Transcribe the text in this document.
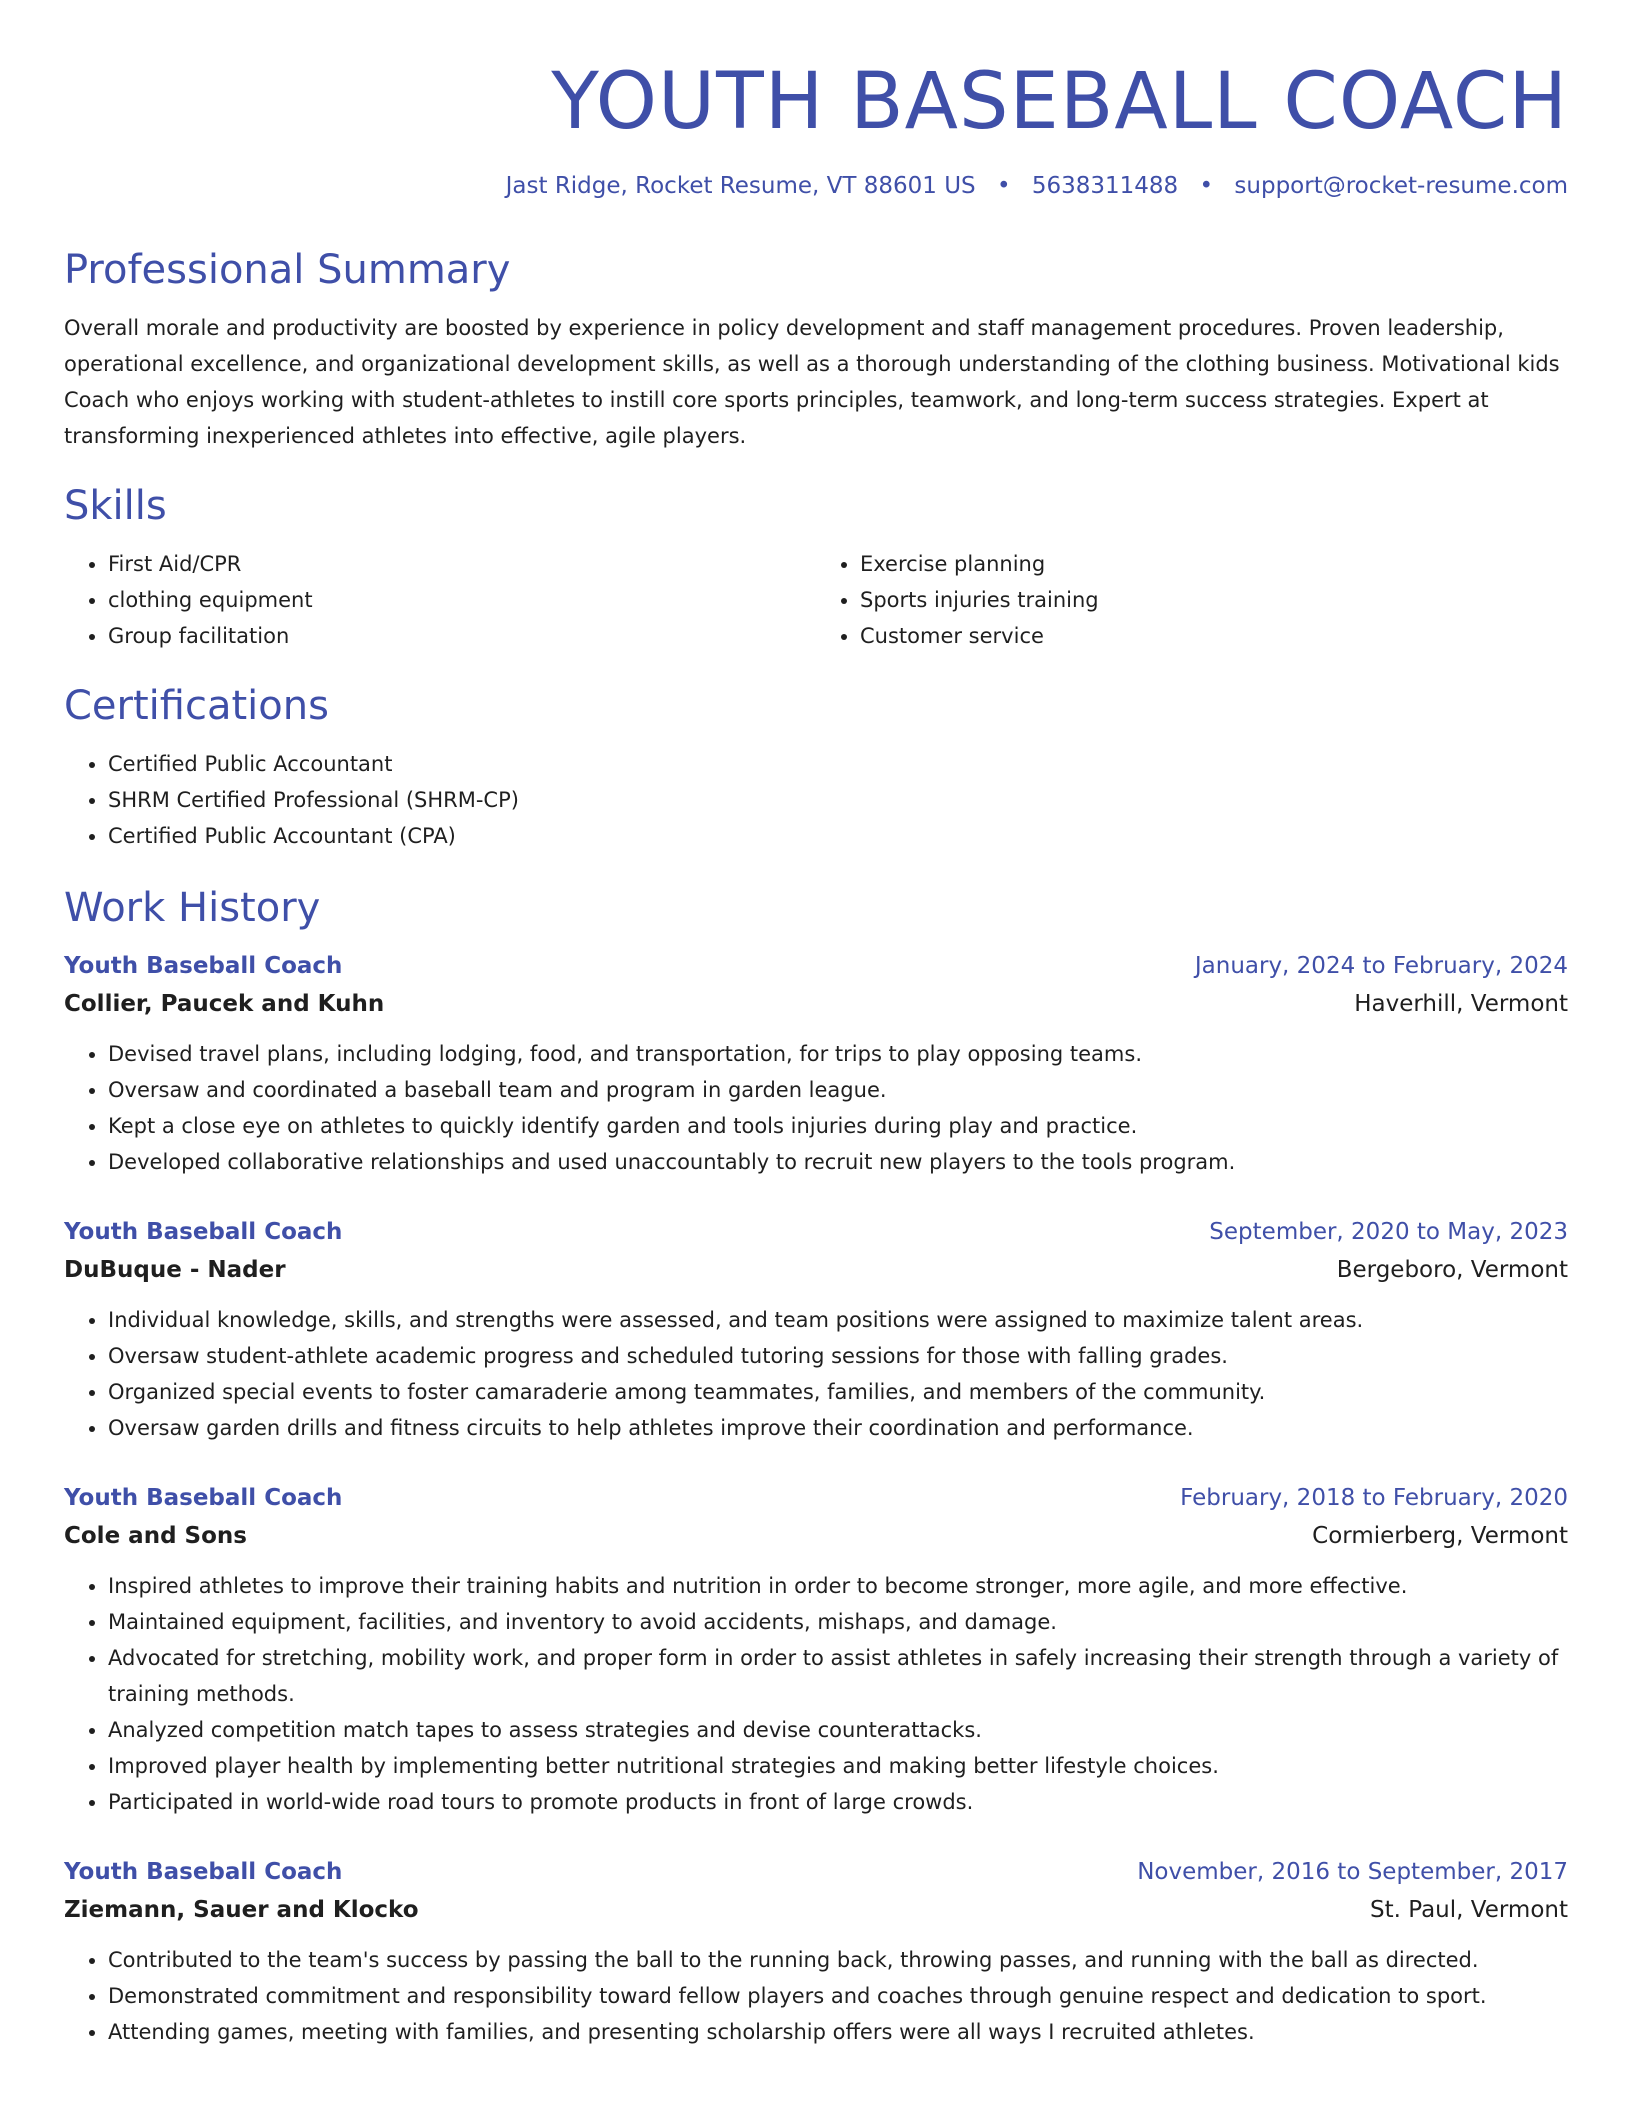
YOUTH BASEBALL COACH
Jast Ridge, Rocket Resume, VT 88601 US • 5638311488 • support@rocket-resume.com
Professional Summary
Overall morale and productivity are boosted by experience in policy development and staff management procedures. Proven leadership, operational excellence, and organizational development skills, as well as a thorough understanding of the clothing business. Motivational kids Coach who enjoys working with student-athletes to instill core sports principles, teamwork, and long-term success strategies. Expert at transforming inexperienced athletes into effective, agile players.
Skills
• First Aid/CPR
• clothing equipment
• Group facilitation
• Exercise planning
• Sports injuries training
• Customer service
Certifications
• Certified Public Accountant
• SHRM Certified Professional (SHRM-CP)
• Certified Public Accountant (CPA)
Work History
Youth Baseball Coach	January, 2024 to February, 2024
Collier, Paucek and Kuhn	Haverhill, Vermont
• Devised travel plans, including lodging, food, and transportation, for trips to play opposing teams.
• Oversaw and coordinated a baseball team and program in garden league.
• Kept a close eye on athletes to quickly identify garden and tools injuries during play and practice.
• Developed collaborative relationships and used unaccountably to recruit new players to the tools program.
Youth Baseball Coach	September, 2020 to May, 2023
DuBuque - Nader	Bergeboro, Vermont
• Individual knowledge, skills, and strengths were assessed, and team positions were assigned to maximize talent areas.
• Oversaw student-athlete academic progress and scheduled tutoring sessions for those with falling grades.
• Organized special events to foster camaraderie among teammates, families, and members of the community.
• Oversaw garden drills and fitness circuits to help athletes improve their coordination and performance.
Youth Baseball Coach	February, 2018 to February, 2020
Cole and Sons	Cormierberg, Vermont
• Inspired athletes to improve their training habits and nutrition in order to become stronger, more agile, and more effective.
• Maintained equipment, facilities, and inventory to avoid accidents, mishaps, and damage.
• Advocated for stretching, mobility work, and proper form in order to assist athletes in safely increasing their strength through a variety of training methods.
• Analyzed competition match tapes to assess strategies and devise counterattacks.
• Improved player health by implementing better nutritional strategies and making better lifestyle choices.
• Participated in world-wide road tours to promote products in front of large crowds.
Youth Baseball Coach	November, 2016 to September, 2017
Ziemann, Sauer and Klocko	St. Paul, Vermont
• Contributed to the team's success by passing the ball to the running back, throwing passes, and running with the ball as directed.
• Demonstrated commitment and responsibility toward fellow players and coaches through genuine respect and dedication to sport.
• Attending games, meeting with families, and presenting scholarship offers were all ways I recruited athletes.
